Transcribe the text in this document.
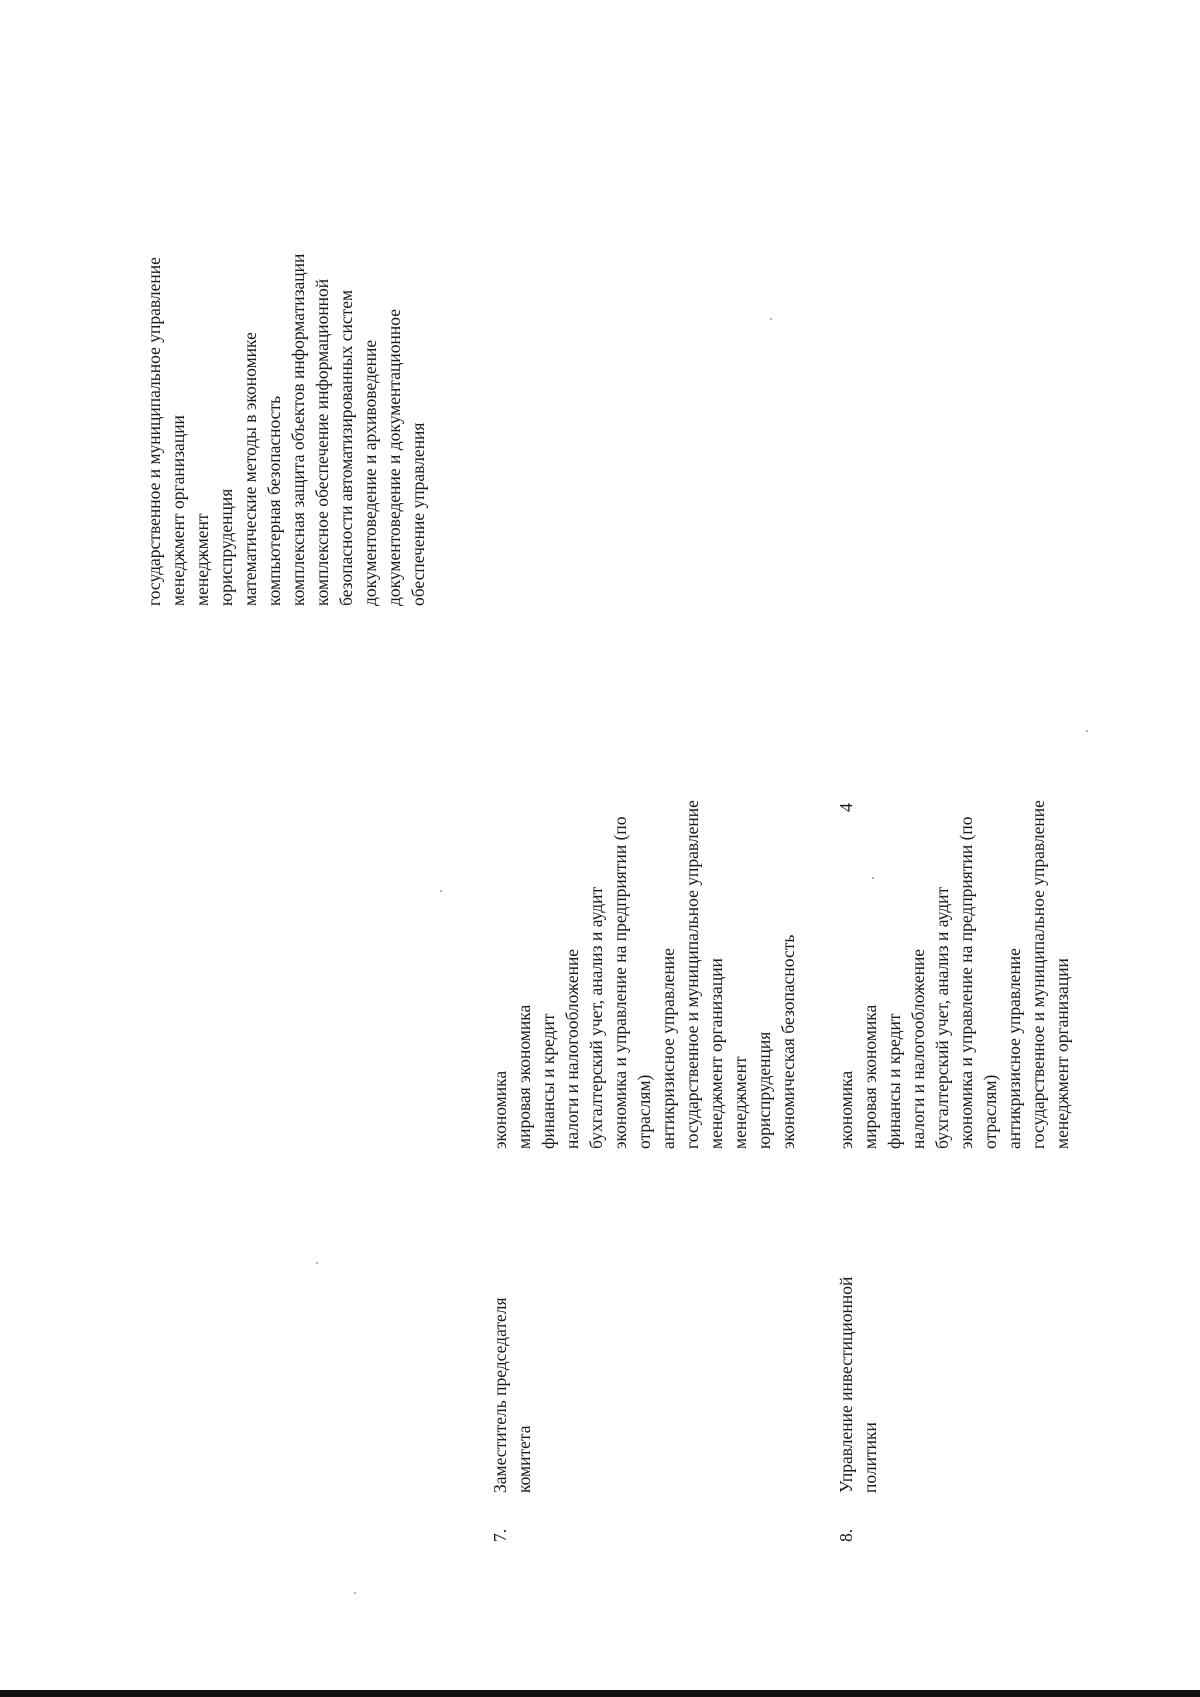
4
государственное и муниципальное управление менеджмент организации менеджмент юриспруденция математические методы в экономике компьютерная безопасность комплексная защита объектов информатизации комплексное обеспечение информационной безопасности автоматизированных систем документоведение и архивоведение документоведение и документационное обеспечение управления
7.
Заместитель председателя комитета
экономика мировая экономика финансы и кредит налоги и налогообложение бухгалтерский учет, анализ и аудит экономика и управление на предприятии (по отраслям) антикризисное управление государственное и муниципальное управление менеджмент организации менеджмент юриспруденция экономическая безопасность
8.
Управление инвестиционной политики
экономика мировая экономика финансы и кредит налоги и налогообложение бухгалтерский учет, анализ и аудит экономика и управление на предприятии (по отраслям) антикризисное управление государственное и муниципальное управление менеджмент организации
